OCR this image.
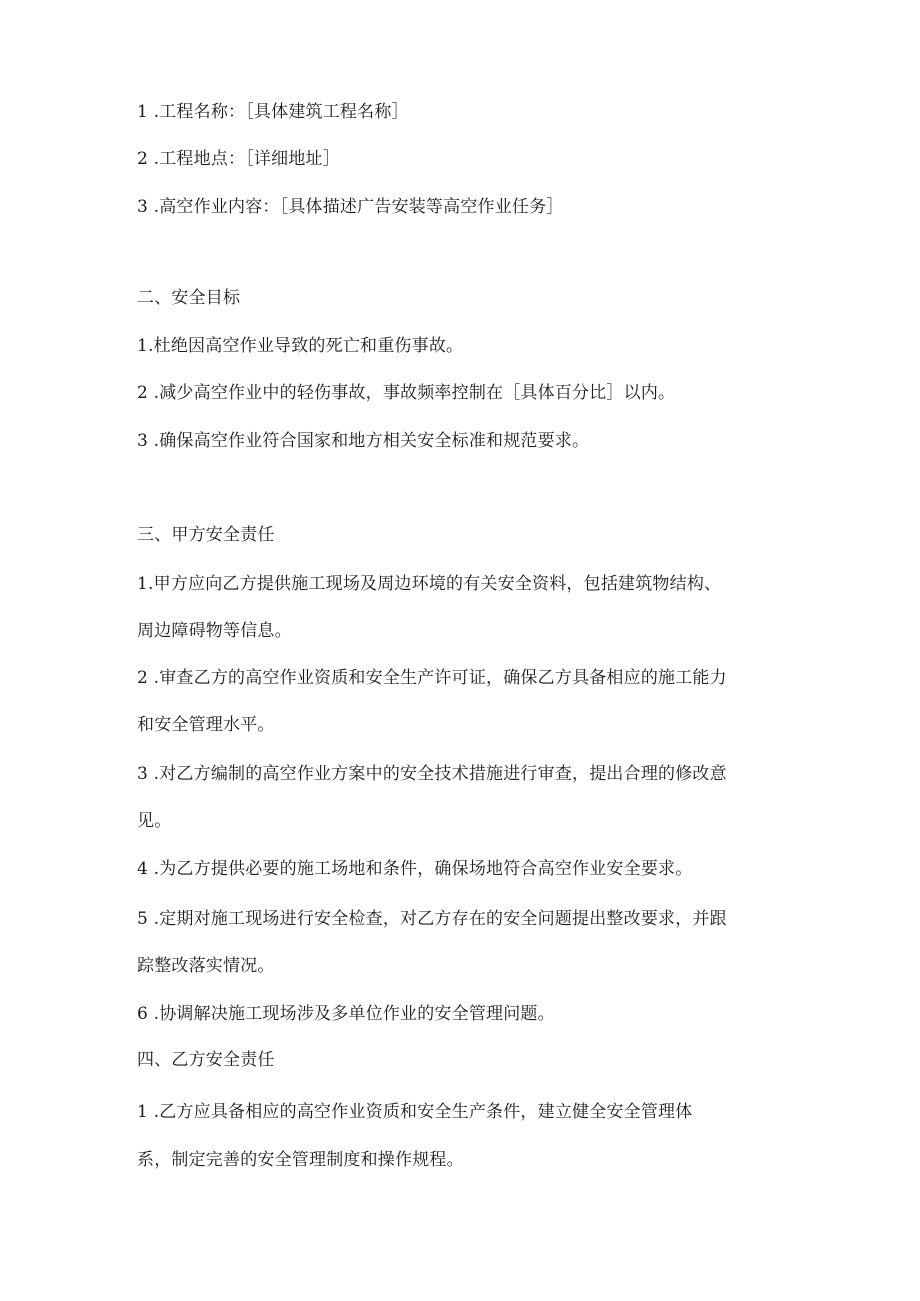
1 .工程名称：［具体建筑工程名称］
2 .工程地点：［详细地址］
3 .高空作业内容：［具体描述广告安装等高空作业任务］
二、安全目标
1.杜绝因高空作业导致的死亡和重伤事故。
2 .减少高空作业中的轻伤事故，事故频率控制在［具体百分比］以内。
3 .确保高空作业符合国家和地方相关安全标准和规范要求。
三、甲方安全责任
1.甲方应向乙方提供施工现场及周边环境的有关安全资料，包括建筑物结构、
周边障碍物等信息。
2 .审查乙方的高空作业资质和安全生产许可证，确保乙方具备相应的施工能力
和安全管理水平。
3 .对乙方编制的高空作业方案中的安全技术措施进行审查，提出合理的修改意
见。
4 .为乙方提供必要的施工场地和条件，确保场地符合高空作业安全要求。
5 .定期对施工现场进行安全检查，对乙方存在的安全问题提出整改要求，并跟
踪整改落实情况。
6 .协调解决施工现场涉及多单位作业的安全管理问题。
四、乙方安全责任
1 .乙方应具备相应的高空作业资质和安全生产条件，建立健全安全管理体
系，制定完善的安全管理制度和操作规程。
